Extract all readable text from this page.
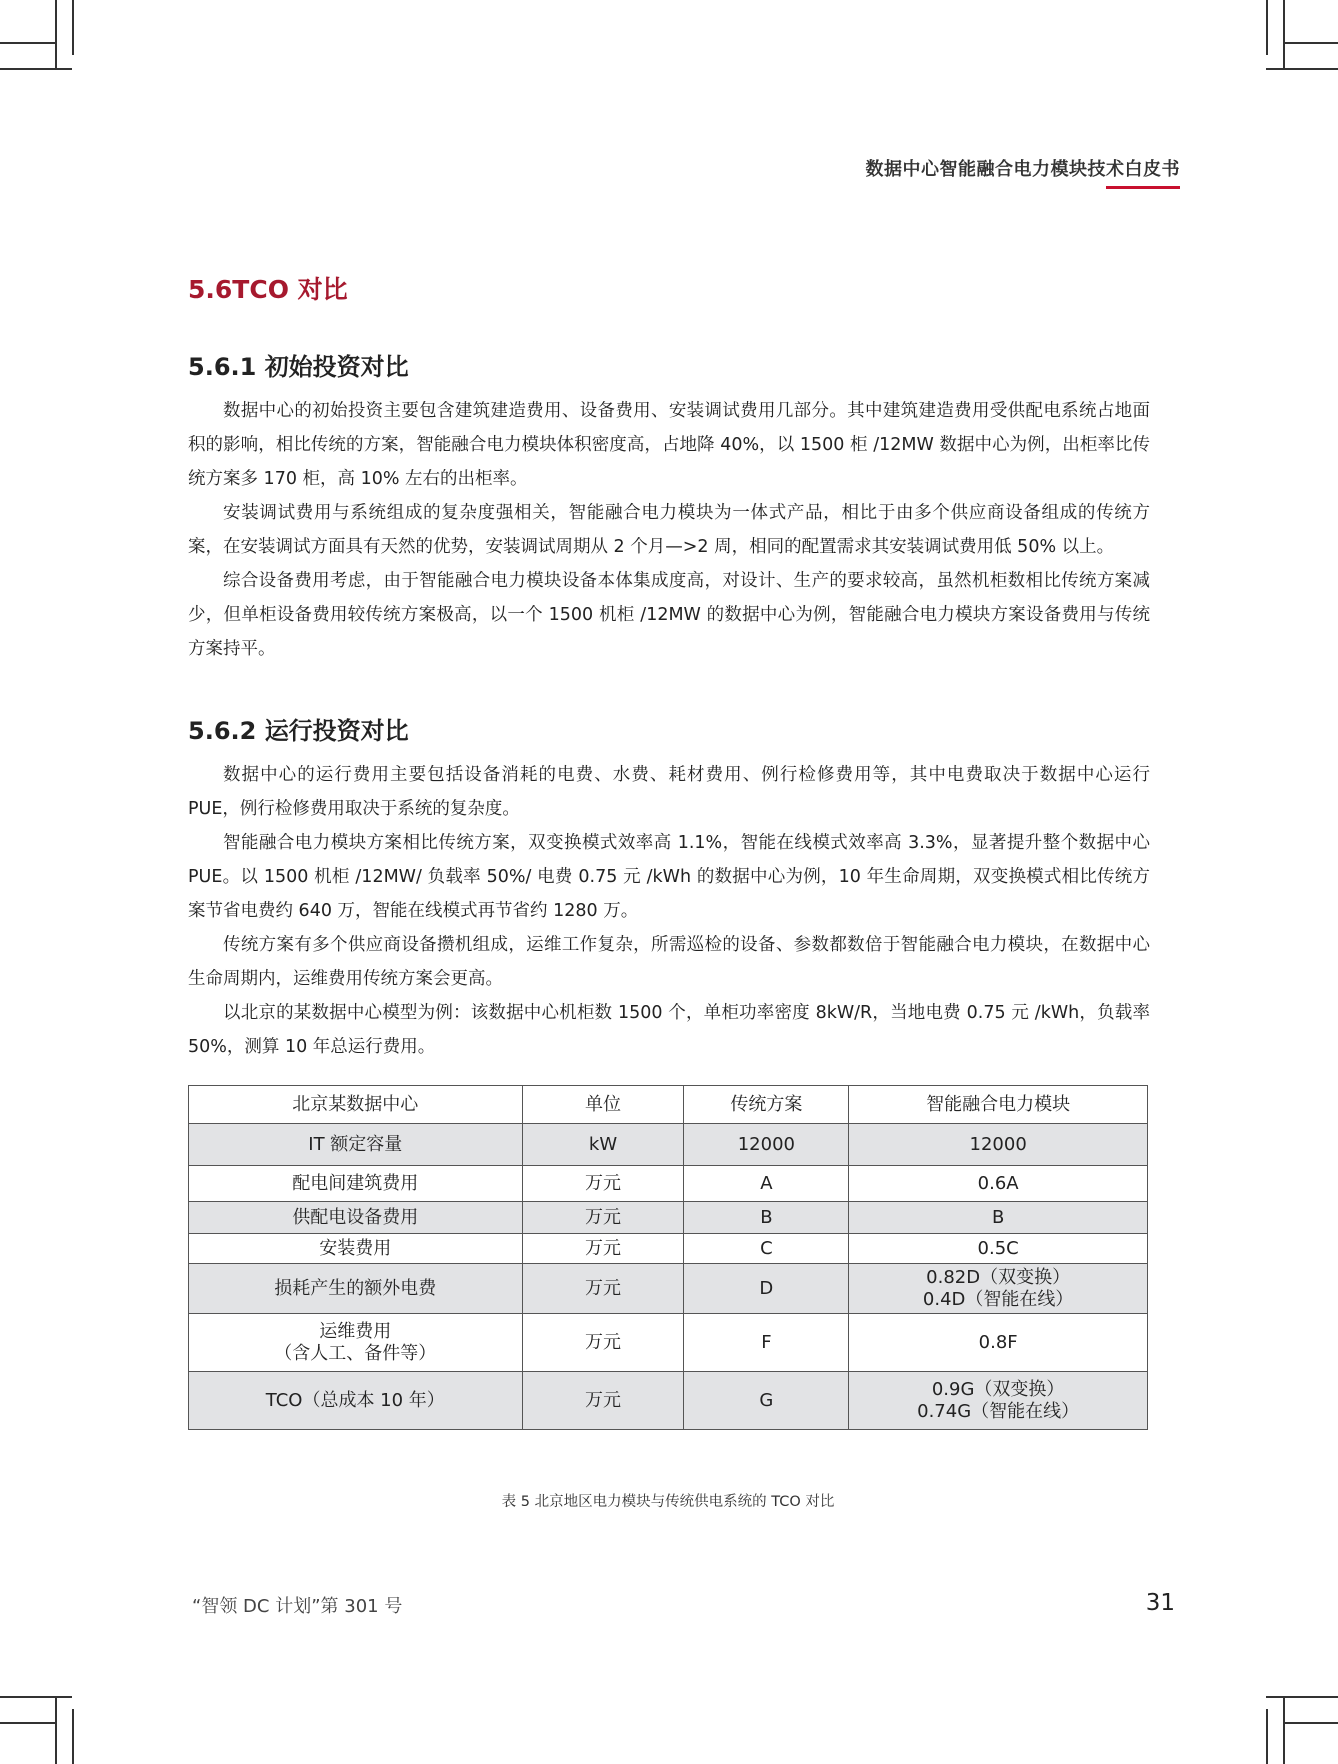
数据中心智能融合电力模块技术白皮书
5.6TCO 对比
5.6.1 初始投资对比

数据中心的初始投资主要包含建筑建造费用、设备费用、安装调试费用几部分。其中建筑建造费用受供配电系统占地面积的影响，相比传统的方案，智能融合电力模块体积密度高，占地降 40%，以 1500 柜 /12MW 数据中心为例，出柜率比传统方案多 170 柜，高 10% 左右的出柜率。

安装调试费用与系统组成的复杂度强相关，智能融合电力模块为一体式产品，相比于由多个供应商设备组成的传统方案，在安装调试方面具有天然的优势，安装调试周期从 2 个月—>2 周，相同的配置需求其安装调试费用低 50% 以上。

综合设备费用考虑，由于智能融合电力模块设备本体集成度高，对设计、生产的要求较高，虽然机柜数相比传统方案减少，但单柜设备费用较传统方案极高，以一个 1500 机柜 /12MW 的数据中心为例，智能融合电力模块方案设备费用与传统方案持平。

5.6.2 运行投资对比

数据中心的运行费用主要包括设备消耗的电费、水费、耗材费用、例行检修费用等，其中电费取决于数据中心运行 PUE，例行检修费用取决于系统的复杂度。

智能融合电力模块方案相比传统方案，双变换模式效率高 1.1%，智能在线模式效率高 3.3%，显著提升整个数据中心 PUE。以 1500 机柜 /12MW/ 负载率 50%/ 电费 0.75 元 /kWh 的数据中心为例，10 年生命周期，双变换模式相比传统方案节省电费约 640 万，智能在线模式再节省约 1280 万。

传统方案有多个供应商设备攒机组成，运维工作复杂，所需巡检的设备、参数都数倍于智能融合电力模块，在数据中心生命周期内，运维费用传统方案会更高。

以北京的某数据中心模型为例：该数据中心机柜数 1500 个，单柜功率密度 8kW/R，当地电费 0.75 元 /kWh，负载率 50%，测算 10 年总运行费用。

北京某数据中心	单位	传统方案	智能融合电力模块

IT 额定容量	kW	12000	12000

配电间建筑费用	万元	A	0.6A

供配电设备费用	万元	B	B

安装费用	万元	C	0.5C

损耗产生的额外电费	万元	D	0.82D（双变换）
0.4D（智能在线）

运维费用
（含人工、备件等）	万元	F	0.8F

TCO（总成本 10 年）	万元	G	0.9G（双变换）
0.74G（智能在线）
表 5 北京地区电力模块与传统供电系统的 TCO 对比
“智领 DC 计划”第 301 号	31
